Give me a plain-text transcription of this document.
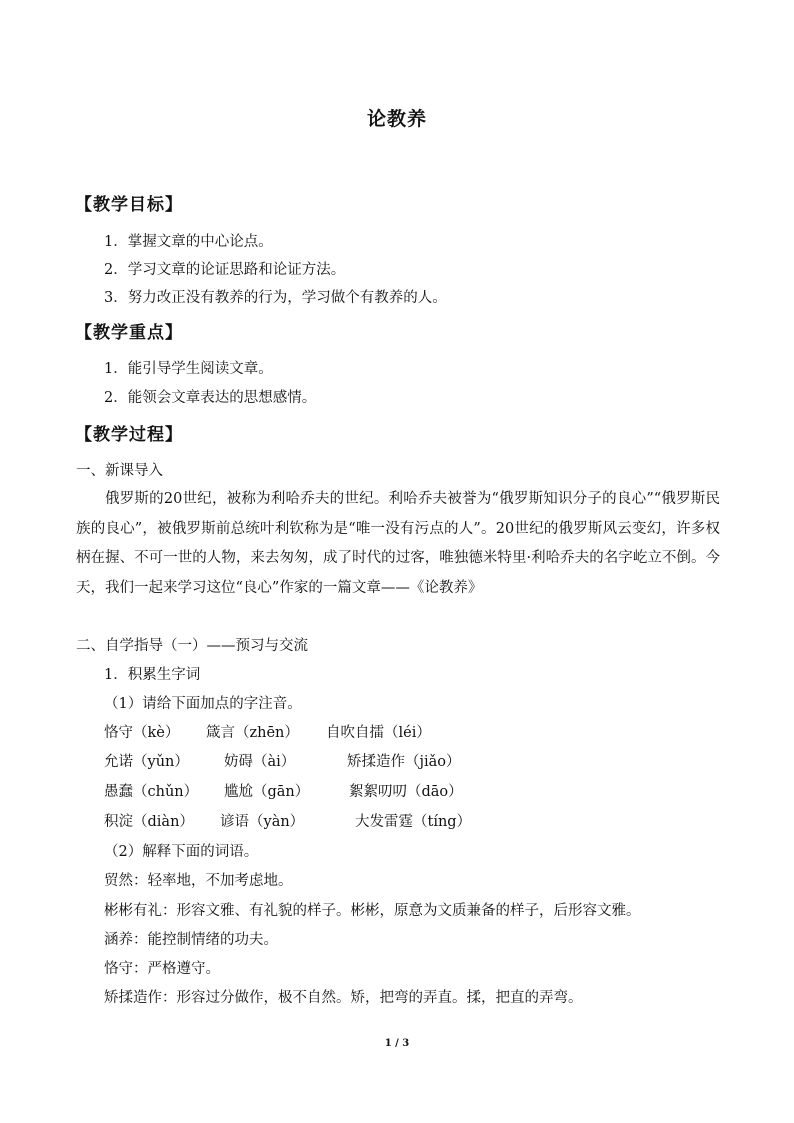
论教养
【教学目标】
1．掌握文章的中心论点。
2．学习文章的论证思路和论证方法。
3．努力改正没有教养的行为，学习做个有教养的人。
【教学重点】
1．能引导学生阅读文章。
2．能领会文章表达的思想感情。
【教学过程】
一、新课导入
俄罗斯的20世纪，被称为利哈乔夫的世纪。利哈乔夫被誉为“俄罗斯知识分子的良心”“俄罗斯民族的良心”，被俄罗斯前总统叶利钦称为是“唯一没有污点的人”。20世纪的俄罗斯风云变幻，许多权柄在握、不可一世的人物，来去匆匆，成了时代的过客，唯独德米特里·利哈乔夫的名字屹立不倒。今天，我们一起来学习这位“良心”作家的一篇文章——《论教养》
二、自学指导（一）——预习与交流
1．积累生字词
（1）请给下面加点的字注音。
恪守（kè） 箴言（zhēn） 自吹自擂（léi）
允诺（yǔn） 妨碍（ài）	矫揉造作（jiǎo）
愚蠢（chǔn） 尴尬（gān）	絮絮叨叨（dāo）
积淀（diàn） 谚语（yàn）	大发雷霆（tíng）
（2）解释下面的词语。
贸然：轻率地，不加考虑地。
彬彬有礼：形容文雅、有礼貌的样子。彬彬，原意为文质兼备的样子，后形容文雅。
涵养：能控制情绪的功夫。
恪守：严格遵守。
矫揉造作：形容过分做作，极不自然。矫，把弯的弄直。揉，把直的弄弯。
1 / 3
